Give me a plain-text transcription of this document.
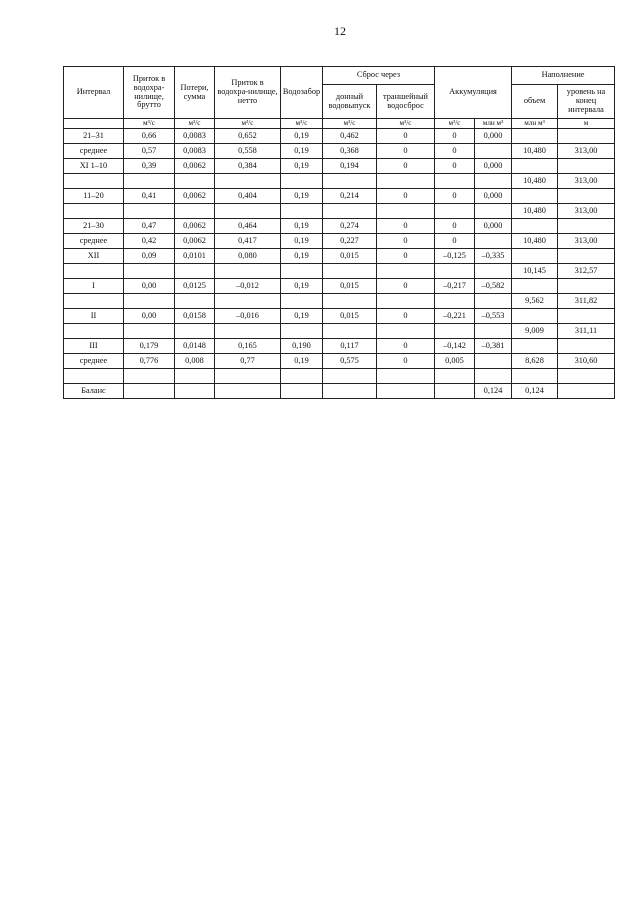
12
Интервал	Приток в водохра-нилище, брутто	Потери, сумма	Приток в водохра-нилище, нетто	Водозабор	Сброс через		Аккумуляция		Наполнение	
					донный водовыпуск	траншейный водосброс			объем	уровень на конец интервала
	м³/с	м³/с	м³/с	м³/с	м³/с	м³/с	м³/с	млн м³	млн м³	м
21–31	0,66	0,0083	0,652	0,19	0,462	0	0	0,000		
среднее	0,57	0,0083	0,558	0,19	0,368	0	0		10,480	313,00
XI 1–10	0,39	0,0062	0,384	0,19	0,194	0	0	0,000		
									10,480	313,00
11–20	0,41	0,0062	0,404	0,19	0,214	0	0	0,000		
									10,480	313,00
21–30	0,47	0,0062	0,464	0,19	0,274	0	0	0,000		
среднее	0,42	0,0062	0,417	0,19	0,227	0	0		10,480	313,00
XII	0,09	0,0101	0,080	0,19	0,015	0	–0,125	–0,335		
									10,145	312,57
I	0,00	0,0125	–0,012	0,19	0,015	0	–0,217	–0,582		
									9,562	311,82
II	0,00	0,0158	–0,016	0,19	0,015	0	–0,221	–0,553		
									9,009	311,11
III	0,179	0,0148	0,165	0,190	0,117	0	–0,142	–0,381		
среднее	0,776	0,008	0,77	0,19	0,575	0	0,005		8,628	310,60

Баланс								0,124	0,124	
